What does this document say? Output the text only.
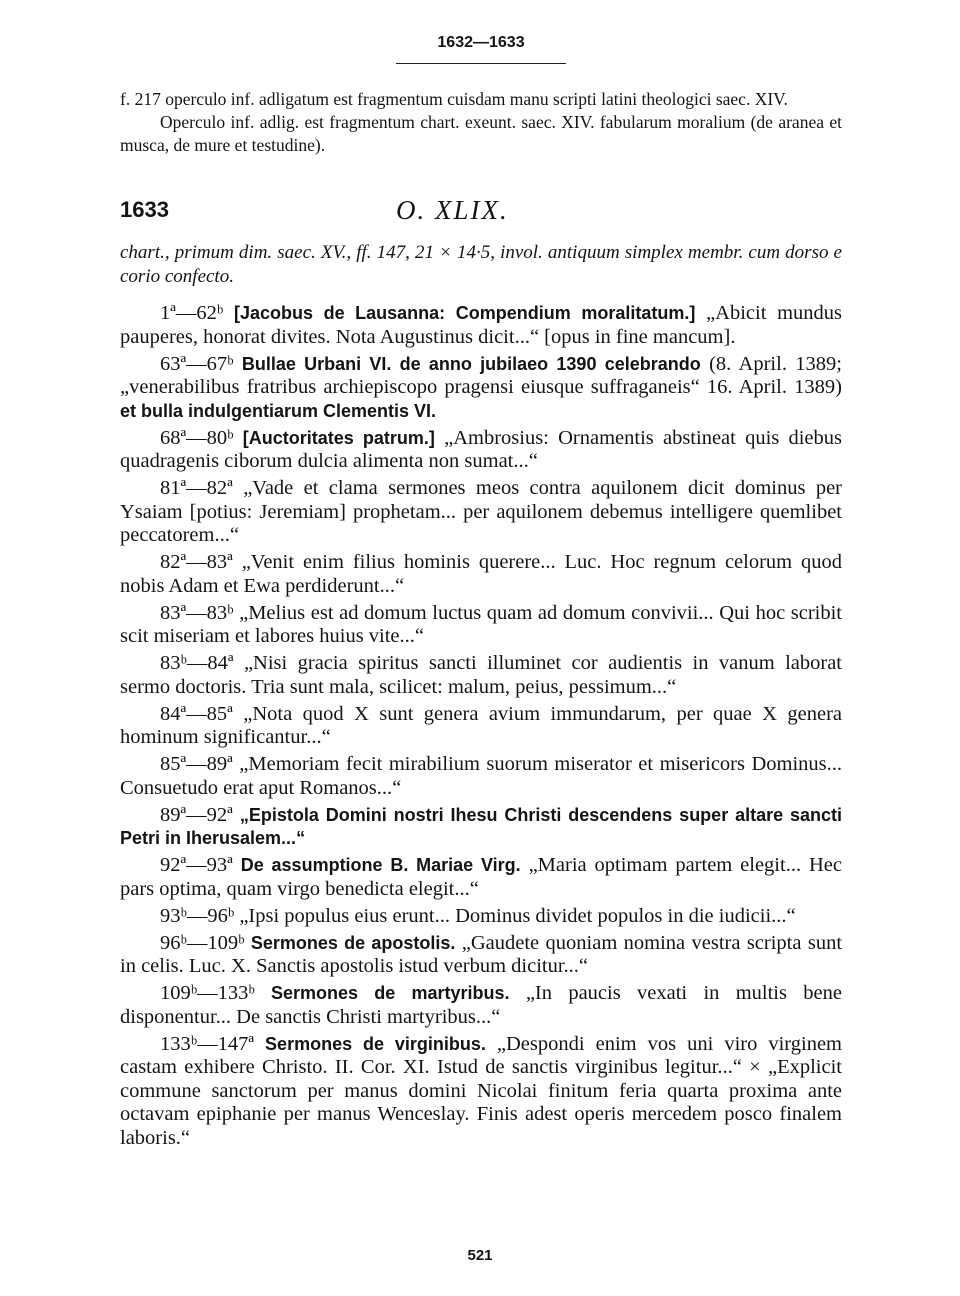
1632—1633

f. 217 operculo inf. adligatum est fragmentum cuisdam manu scripti latini theologici saec. XIV.

Operculo inf. adlig. est fragmentum chart. exeunt. saec. XIV. fabularum moralium (de aranea et musca, de mure et testudine).

1633	O. XLIX.

chart., primum dim. saec. XV., ff. 147, 21 × 14·5, invol. antiquum simplex membr. cum dorso e corio confecto.

1ª—62ᵇ [Jacobus de Lausanna: Compendium moralitatum.] „Abicit mundus pauperes, honorat divites. Nota Augustinus dicit...“ [opus in fine mancum].

63ª—67ᵇ Bullae Urbani VI. de anno jubilaeo 1390 celebrando (8. April. 1389; „venerabilibus fratribus archiepiscopo pragensi eiusque suffraganeis“ 16. April. 1389) et bulla indulgentiarum Clementis VI.

68ª—80ᵇ [Auctoritates patrum.] „Ambrosius: Ornamentis abstineat quis diebus quadragenis ciborum dulcia alimenta non sumat...“

81ª—82ª „Vade et clama sermones meos contra aquilonem dicit dominus per Ysaiam [potius: Jeremiam] prophetam... per aquilonem debemus intelligere quemlibet peccatorem...“

82ª—83ª „Venit enim filius hominis querere... Luc. Hoc regnum celorum quod nobis Adam et Ewa perdiderunt...“

83ª—83ᵇ „Melius est ad domum luctus quam ad domum convivii... Qui hoc scribit scit miseriam et labores huius vite...“

83ᵇ—84ª „Nisi gracia spiritus sancti illuminet cor audientis in vanum laborat sermo doctoris. Tria sunt mala, scilicet: malum, peius, pessimum...“

84ª—85ª „Nota quod X sunt genera avium immundarum, per quae X genera hominum significantur...“

85ª—89ª „Memoriam fecit mirabilium suorum miserator et misericors Dominus... Consuetudo erat aput Romanos...“

89ª—92ª „Epistola Domini nostri Ihesu Christi descendens super altare sancti Petri in Iherusalem...“

92ª—93ª De assumptione B. Mariae Virg. „Maria optimam partem elegit... Hec pars optima, quam virgo benedicta elegit...“

93ᵇ—96ᵇ „Ipsi populus eius erunt... Dominus dividet populos in die iudicii...“

96ᵇ—109ᵇ Sermones de apostolis. „Gaudete quoniam nomina vestra scripta sunt in celis. Luc. X. Sanctis apostolis istud verbum dicitur...“

109ᵇ—133ᵇ Sermones de martyribus. „In paucis vexati in multis bene disponentur... De sanctis Christi martyribus...“

133ᵇ—147ª Sermones de virginibus. „Despondi enim vos uni viro virginem castam exhibere Christo. II. Cor. XI. Istud de sanctis virginibus legitur...“ × „Explicit commune sanctorum per manus domini Nicolai finitum feria quarta proxima ante octavam epiphanie per manus Wenceslay. Finis adest operis mercedem posco finalem laboris.“

521
